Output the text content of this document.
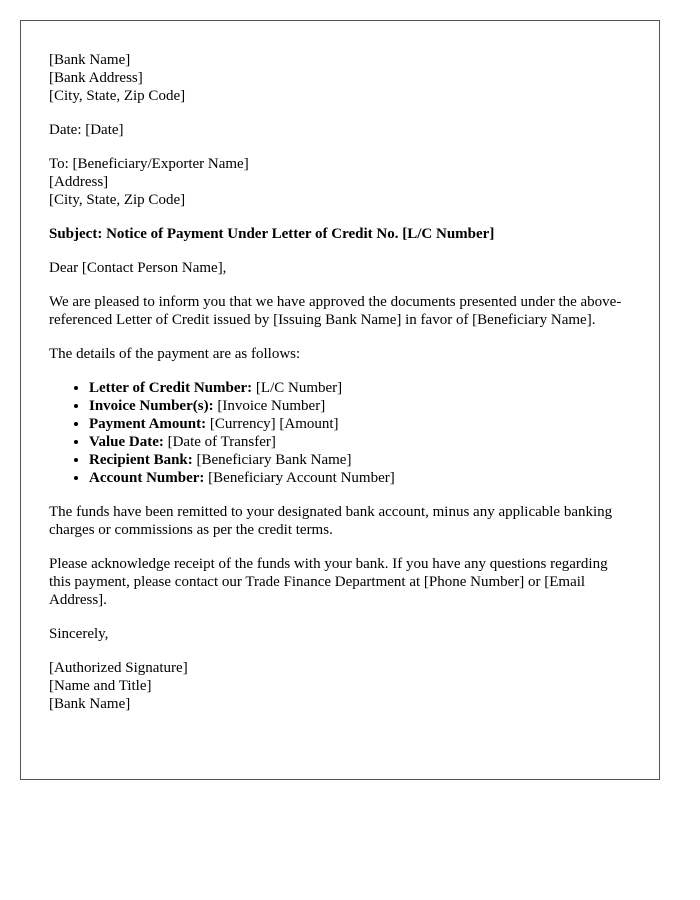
[Bank Name]
[Bank Address]
[City, State, Zip Code]
Date: [Date]
To: [Beneficiary/Exporter Name]
[Address]
[City, State, Zip Code]

Subject: Notice of Payment Under Letter of Credit No. [L/C Number]

Dear [Contact Person Name],

We are pleased to inform you that we have approved the documents presented under the above-referenced Letter of Credit issued by [Issuing Bank Name] in favor of [Beneficiary Name].

The details of the payment are as follows:

• Letter of Credit Number: [L/C Number]
• Invoice Number(s): [Invoice Number]
• Payment Amount: [Currency] [Amount]
• Value Date: [Date of Transfer]
• Recipient Bank: [Beneficiary Bank Name]
• Account Number: [Beneficiary Account Number]

The funds have been remitted to your designated bank account, minus any applicable banking charges or commissions as per the credit terms.

Please acknowledge receipt of the funds with your bank. If you have any questions regarding this payment, please contact our Trade Finance Department at [Phone Number] or [Email Address].

Sincerely,

[Authorized Signature]
[Name and Title]
[Bank Name]
